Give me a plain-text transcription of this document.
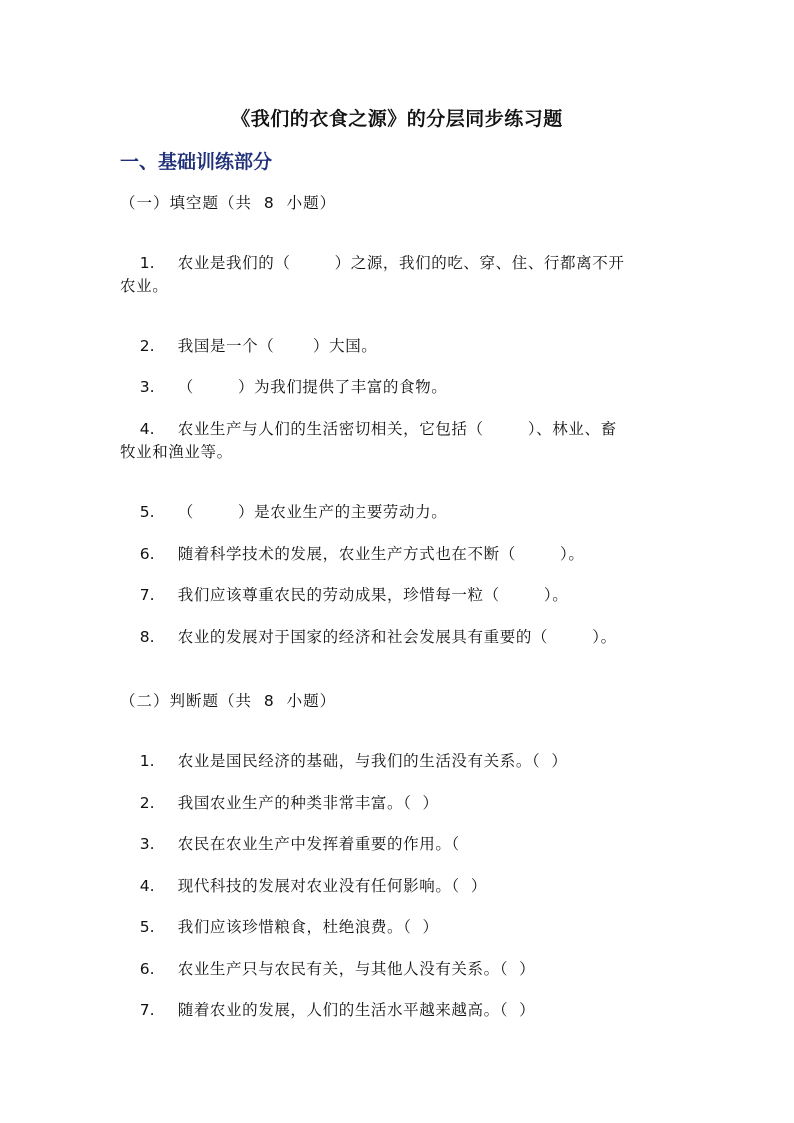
《我们的衣食之源》的分层同步练习题
一、基础训练部分
（一）填空题（共  8  小题）

1. 农业是我们的（        ）之源，我们的吃、穿、住、行都离不开

农业。

2. 我国是一个（       ）大国。

3. （        ）为我们提供了丰富的食物。

4. 农业生产与人们的生活密切相关，它包括（        ）、林业、畜

牧业和渔业等。

5. （        ）是农业生产的主要劳动力。

6. 随着科学技术的发展，农业生产方式也在不断（        ）。

7. 我们应该尊重农民的劳动成果，珍惜每一粒（        ）。

8. 农业的发展对于国家的经济和社会发展具有重要的（        ）。

（二）判断题（共  8  小题）

1. 农业是国民经济的基础，与我们的生活没有关系。（  ）

2. 我国农业生产的种类非常丰富。（  ）

3. 农民在农业生产中发挥着重要的作用。（

4. 现代科技的发展对农业没有任何影响。（  ）

5. 我们应该珍惜粮食，杜绝浪费。（  ）

6. 农业生产只与农民有关，与其他人没有关系。（  ）

7. 随着农业的发展，人们的生活水平越来越高。（  ）
